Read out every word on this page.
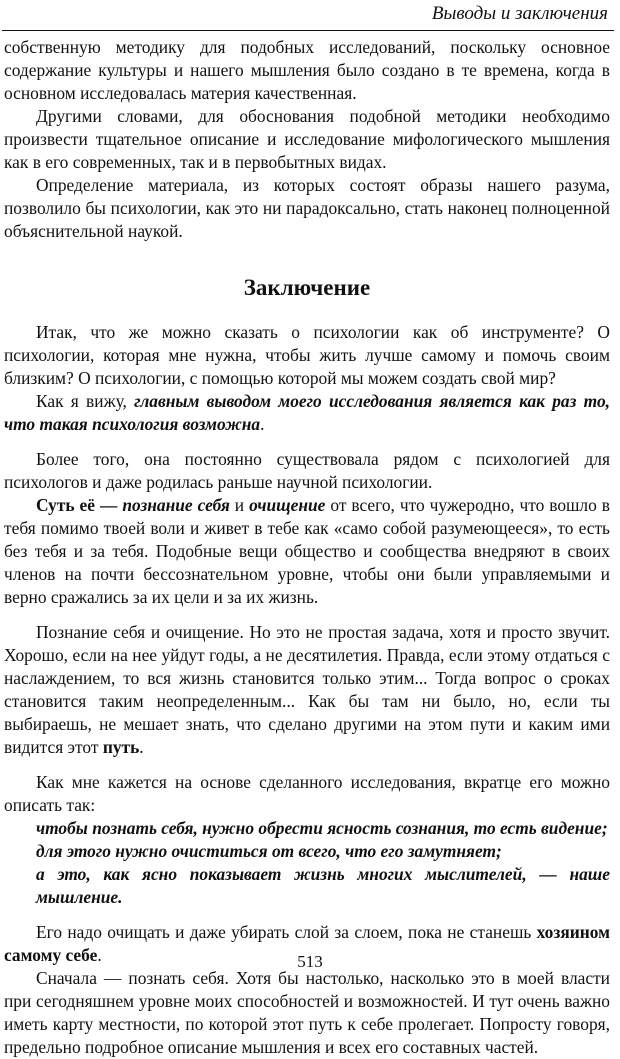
Выводы и заключения

собственную методику для подобных исследований, поскольку основное содержание культуры и нашего мышления было создано в те времена, когда в основном исследовалась материя качественная.

Другими словами, для обоснования подобной методики необходимо произвести тщательное описание и исследование мифологического мышления как в его современных, так и в первобытных видах.

Определение материала, из которых состоят образы нашего разума, позволило бы психологии, как это ни парадоксально, стать наконец полноценной объяснительной наукой.

Заключение

Итак, что же можно сказать о психологии как об инструменте? О психологии, которая мне нужна, чтобы жить лучше самому и помочь своим близким? О психологии, с помощью которой мы можем создать свой мир?

Как я вижу, главным выводом моего исследования является как раз то, что такая психология возможна.

Более того, она постоянно существовала рядом с психологией для психологов и даже родилась раньше научной психологии.

Суть её — познание себя и очищение от всего, что чужеродно, что вошло в тебя помимо твоей воли и живет в тебе как «само собой разумеющееся», то есть без тебя и за тебя. Подобные вещи общество и сообщества внедряют в своих членов на почти бессознательном уровне, чтобы они были управляемыми и верно сражались за их цели и за их жизнь.

Познание себя и очищение. Но это не простая задача, хотя и просто звучит. Хорошо, если на нее уйдут годы, а не десятилетия. Правда, если этому отдаться с наслаждением, то вся жизнь становится только этим... Тогда вопрос о сроках становится таким неопределенным... Как бы там ни было, но, если ты выбираешь, не мешает знать, что сделано другими на этом пути и каким ими видится этот путь.

Как мне кажется на основе сделанного исследования, вкратце его можно описать так:

чтобы познать себя, нужно обрести ясность сознания, то есть видение;

для этого нужно очиститься от всего, что его замутняет;

а это, как ясно показывает жизнь многих мыслителей, — наше мышление.

Его надо очищать и даже убирать слой за слоем, пока не станешь хозяином самому себе.

Сначала — познать себя. Хотя бы настолько, насколько это в моей власти при сегодняшнем уровне моих способностей и возможностей. И тут очень важно иметь карту местности, по которой этот путь к себе пролегает. Попросту говоря, предельно подробное описание мышления и всех его составных частей.

513
